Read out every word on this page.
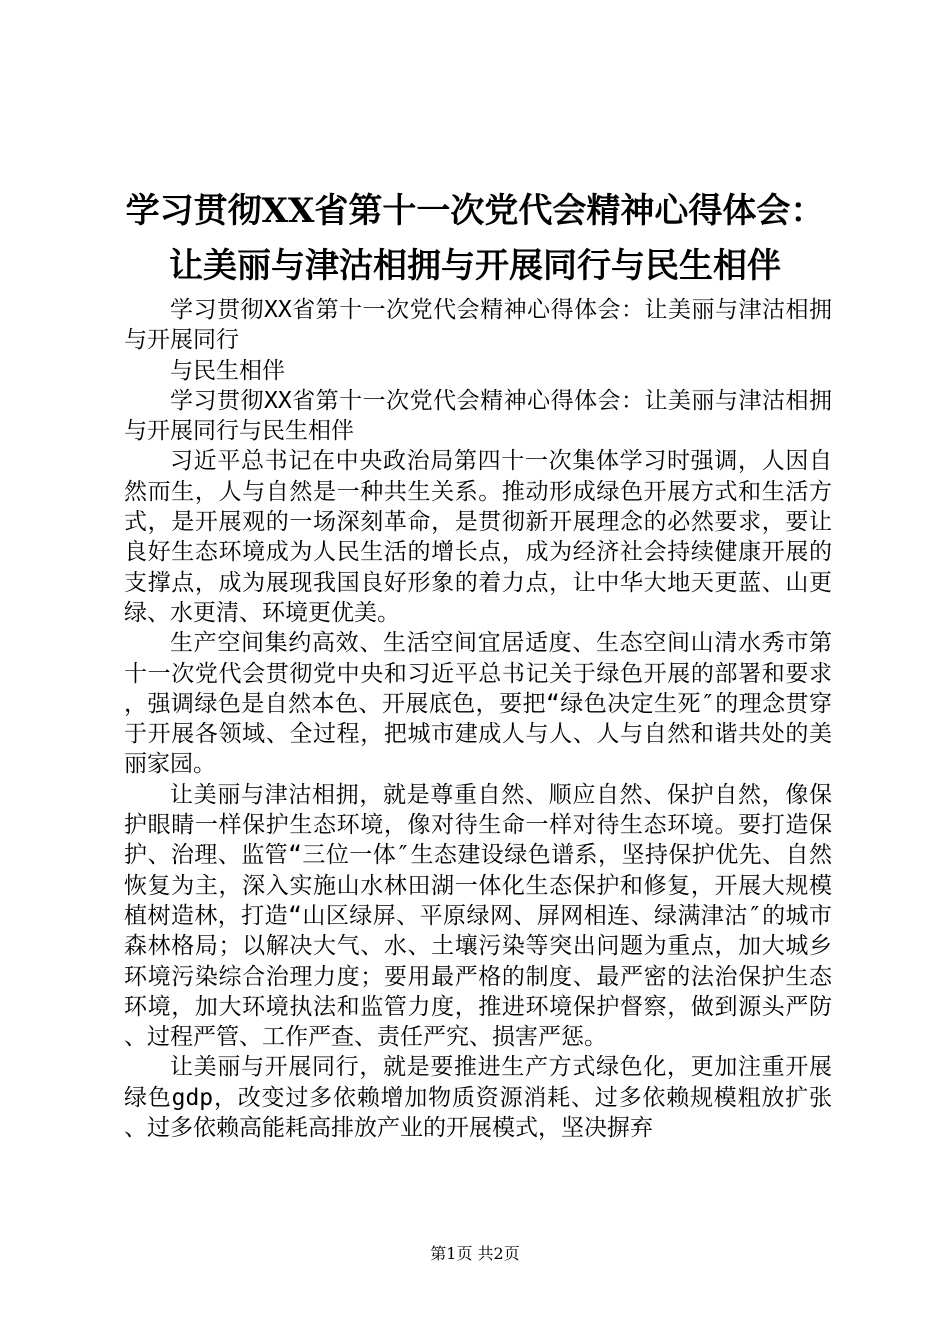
学习贯彻XX省第十一次党代会精神心得体会：
让美丽与津沽相拥与开展同行与民生相伴

学习贯彻XX省第十一次党代会精神心得体会：让美丽与津沽相拥与开展同行

与民生相伴

学习贯彻XX省第十一次党代会精神心得体会：让美丽与津沽相拥与开展同行与民生相伴

习近平总书记在中央政治局第四十一次集体学习时强调，人因自然而生，人与自然是一种共生关系。推动形成绿色开展方式和生活方式，是开展观的一场深刻革命，是贯彻新开展理念的必然要求，要让良好生态环境成为人民生活的增长点，成为经济社会持续健康开展的支撑点，成为展现我国良好形象的着力点，让中华大地天更蓝、山更绿、水更清、环境更优美。

生产空间集约高效、生活空间宜居适度、生态空间山清水秀市第十一次党代会贯彻党中央和习近平总书记关于绿色开展的部署和要求，强调绿色是自然本色、开展底色，要把“绿色决定生死″的理念贯穿于开展各领域、全过程，把城市建成人与人、人与自然和谐共处的美丽家园。

让美丽与津沽相拥，就是尊重自然、顺应自然、保护自然，像保护眼睛一样保护生态环境，像对待生命一样对待生态环境。要打造保护、治理、监管“三位一体″生态建设绿色谱系，坚持保护优先、自然恢复为主，深入实施山水林田湖一体化生态保护和修复，开展大规模植树造林，打造“山区绿屏、平原绿网、屏网相连、绿满津沽″的城市森林格局；以解决大气、水、土壤污染等突出问题为重点，加大城乡环境污染综合治理力度；要用最严格的制度、最严密的法治保护生态环境，加大环境执法和监管力度，推进环境保护督察，做到源头严防、过程严管、工作严查、责任严究、损害严惩。

让美丽与开展同行，就是要推进生产方式绿色化，更加注重开展绿色gdp，改变过多依赖增加物质资源消耗、过多依赖规模粗放扩张、过多依赖高能耗高排放产业的开展模式，坚决摒弃

第1页 共2页
